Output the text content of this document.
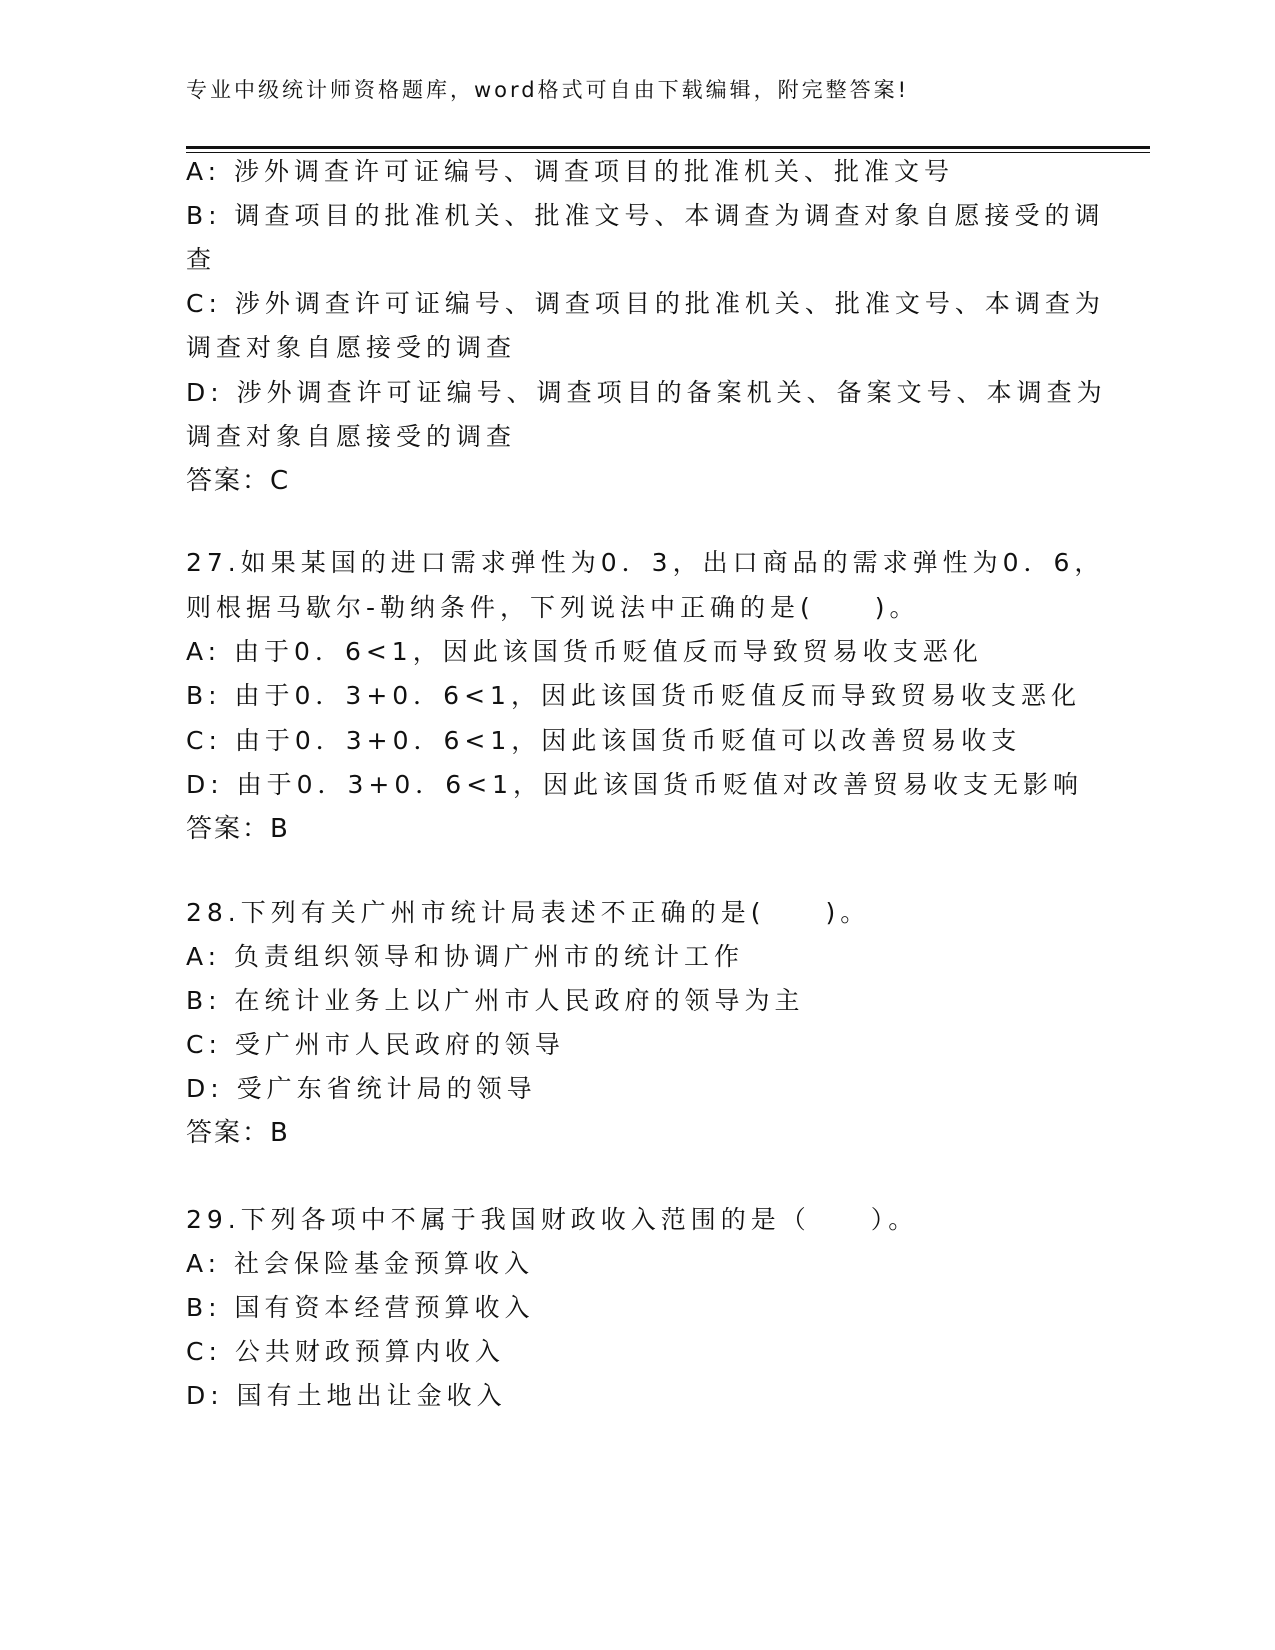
专业中级统计师资格题库，word格式可自由下载编辑，附完整答案!
A: 涉外调查许可证编号、调查项目的批准机关、批准文号
B: 调查项目的批准机关、批准文号、本调查为调查对象自愿接受的调
查
C: 涉外调查许可证编号、调查项目的批准机关、批准文号、本调查为
调查对象自愿接受的调查
D: 涉外调查许可证编号、调查项目的备案机关、备案文号、本调查为
调查对象自愿接受的调查
答案：C
27.如果某国的进口需求弹性为0．3，出口商品的需求弹性为0．6，
则根据马歇尔-勒纳条件，下列说法中正确的是(　　)。
A: 由于0．6<1，因此该国货币贬值反而导致贸易收支恶化
B: 由于0．3+0．6<1，因此该国货币贬值反而导致贸易收支恶化
C: 由于0．3+0．6<1，因此该国货币贬值可以改善贸易收支
D: 由于0．3+0．6<1，因此该国货币贬值对改善贸易收支无影响
答案：B
28.下列有关广州市统计局表述不正确的是(　　)。
A: 负责组织领导和协调广州市的统计工作
B: 在统计业务上以广州市人民政府的领导为主
C: 受广州市人民政府的领导
D: 受广东省统计局的领导
答案：B
29.下列各项中不属于我国财政收入范围的是（　　）。
A: 社会保险基金预算收入
B: 国有资本经营预算收入
C: 公共财政预算内收入
D: 国有土地出让金收入
